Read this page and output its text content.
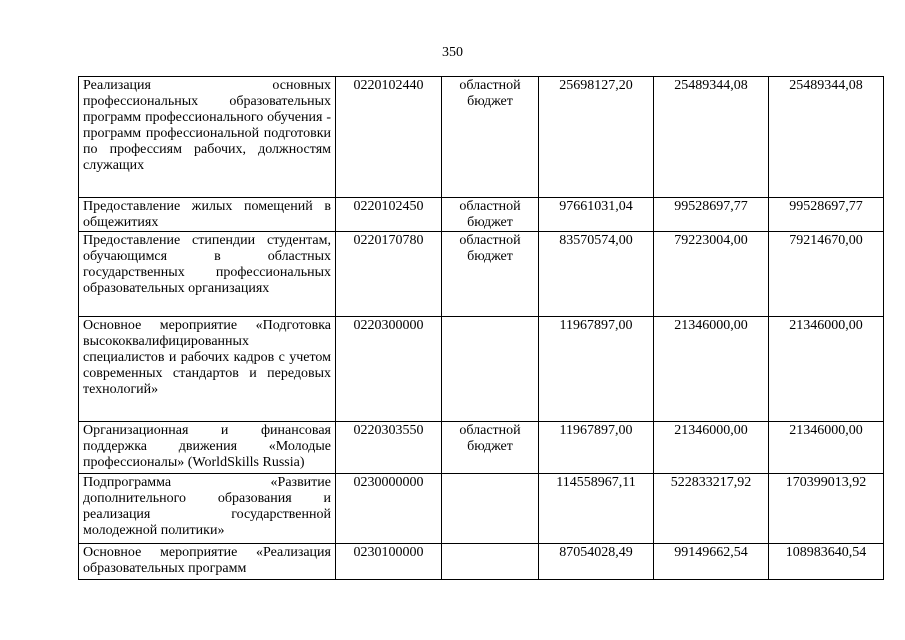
350
Реализация основных профессиональных образовательных программ профессионального обучения - программ профессиональной подготовки по профессиям рабочих, должностям служащих	0220102440	областной бюджет	25698127,20	25489344,08	25489344,08
Предоставление жилых помещений в общежитиях	0220102450	областной бюджет	97661031,04	99528697,77	99528697,77
Предоставление стипендии студентам, обучающимся в областных государственных профессиональных образовательных организациях	0220170780	областной бюджет	83570574,00	79223004,00	79214670,00
Основное мероприятие «Подготовка высококвалифицированных специалистов и рабочих кадров с учетом современных стандартов и передовых технологий»	0220300000		11967897,00	21346000,00	21346000,00
Организационная и финансовая поддержка движения «Молодые профессионалы» (WorldSkills Russia)	0220303550	областной бюджет	11967897,00	21346000,00	21346000,00
Подпрограмма «Развитие дополнительного образования и реализация государственной молодежной политики»	0230000000		114558967,11	522833217,92	170399013,92
Основное мероприятие «Реализация образовательных программ	0230100000		87054028,49	99149662,54	108983640,54
